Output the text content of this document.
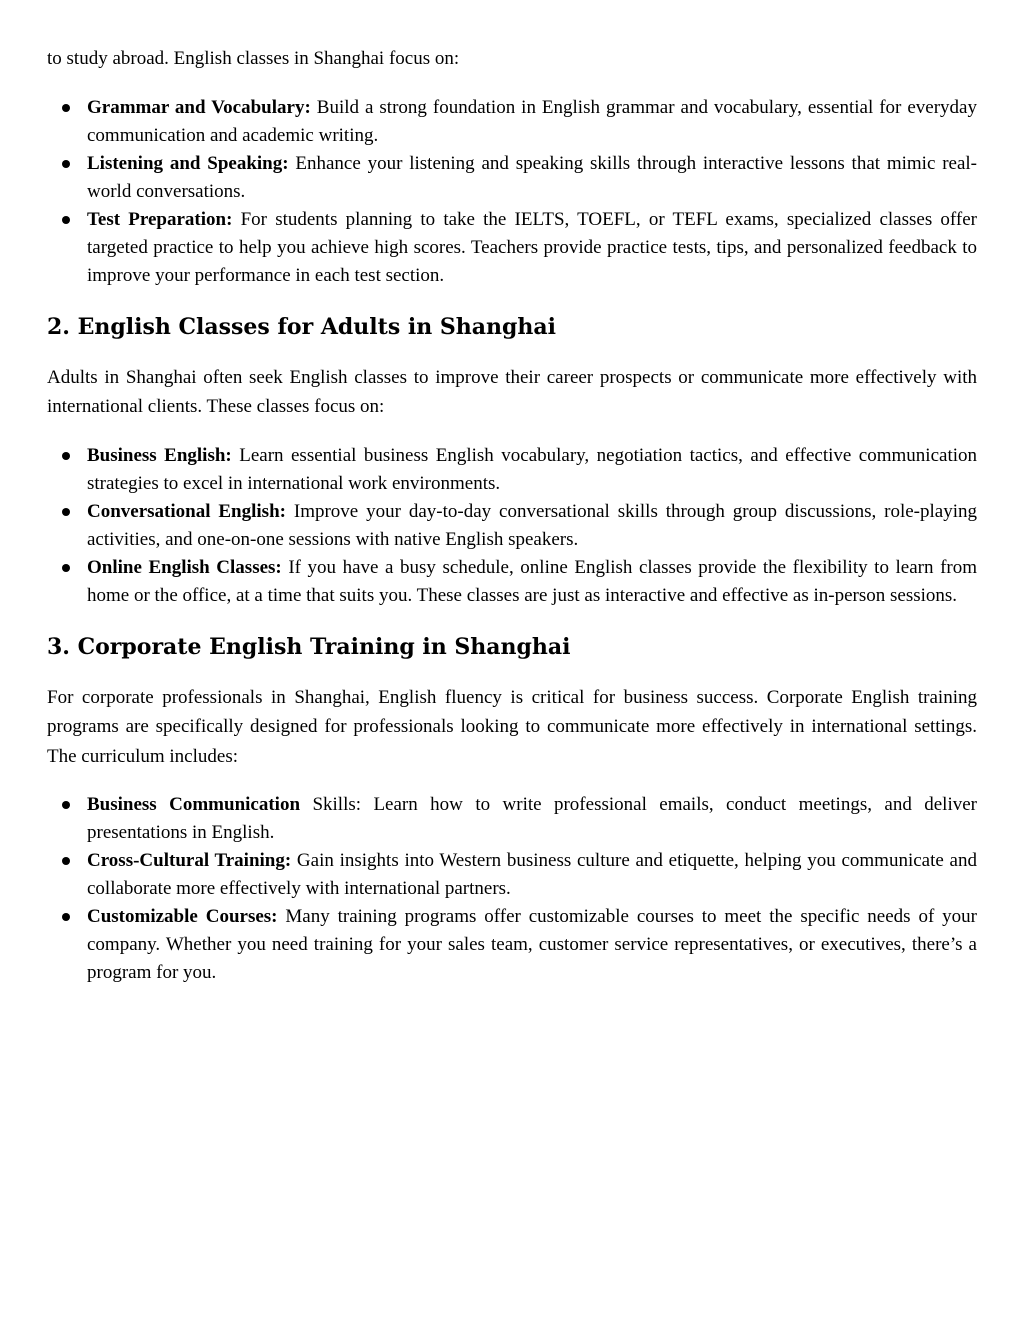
to study abroad. English classes in Shanghai focus on:

Grammar and Vocabulary: Build a strong foundation in English grammar and vocabulary, essential for everyday communication and academic writing.
Listening and Speaking: Enhance your listening and speaking skills through interactive lessons that mimic real-world conversations.
Test Preparation: For students planning to take the IELTS, TOEFL, or TEFL exams, specialized classes offer targeted practice to help you achieve high scores. Teachers provide practice tests, tips, and personalized feedback to improve your performance in each test section.
2. English Classes for Adults in Shanghai

Adults in Shanghai often seek English classes to improve their career prospects or communicate more effectively with international clients. These classes focus on:

Business English: Learn essential business English vocabulary, negotiation tactics, and effective communication strategies to excel in international work environments.
Conversational English: Improve your day-to-day conversational skills through group discussions, role-playing activities, and one-on-one sessions with native English speakers.
Online English Classes: If you have a busy schedule, online English classes provide the flexibility to learn from home or the office, at a time that suits you. These classes are just as interactive and effective as in-person sessions.
3. Corporate English Training in Shanghai

For corporate professionals in Shanghai, English fluency is critical for business success. Corporate English training programs are specifically designed for professionals looking to communicate more effectively in international settings. The curriculum includes:

Business Communication Skills: Learn how to write professional emails, conduct meetings, and deliver presentations in English.
Cross-Cultural Training: Gain insights into Western business culture and etiquette, helping you communicate and collaborate more effectively with international partners.
Customizable Courses: Many training programs offer customizable courses to meet the specific needs of your company. Whether you need training for your sales team, customer service representatives, or executives, there’s a program for you.
